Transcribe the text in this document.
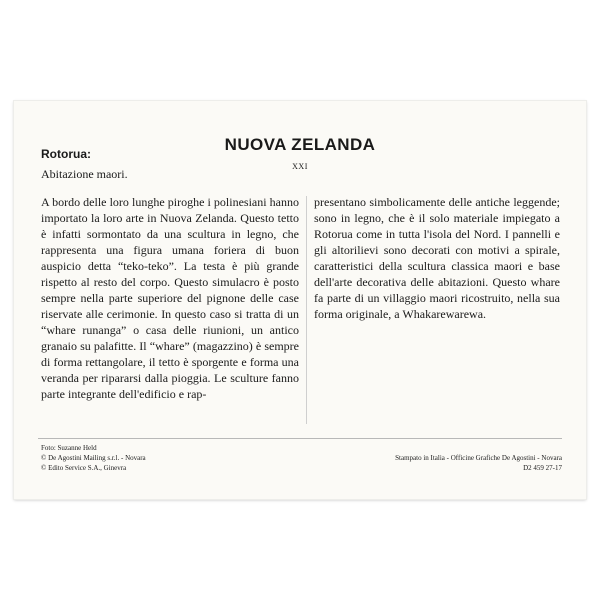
NUOVA ZELANDA
XXI
Rotorua:
Abitazione maori.

A bordo delle loro lunghe piroghe i polinesiani hanno importato la loro arte in Nuova Zelanda. Questo tetto è infatti sormontato da una scultura in legno, che rappresenta una figura umana foriera di buon auspicio detta “teko-teko”. La testa è più grande rispetto al resto del corpo. Questo simulacro è posto sempre nella parte superiore del pignone delle case riservate alle cerimonie. In questo caso si tratta di un “whare runanga” o casa delle riunioni, un antico granaio su palafitte. Il “whare” (magazzino) è sempre di forma rettangolare, il tetto è sporgente e forma una veranda per ripararsi dalla pioggia. Le sculture fanno parte integrante dell'edificio e rap-

presentano simbolicamente delle antiche leggende; sono in legno, che è il solo materiale impiegato a Rotorua come in tutta l'isola del Nord. I pannelli e gli altorilievi sono decorati con motivi a spirale, caratteristici della scultura classica maori e base dell'arte decorativa delle abitazioni. Questo whare fa parte di un villaggio maori ricostruito, nella sua forma originale, a Whakarewarewa.

Foto: Suzanne Held
© De Agostini Mailing s.r.l. - Novara
© Edito Service S.A., Ginevra
Stampato in Italia - Officine Grafiche De Agostini - Novara
D2 459 27-17
